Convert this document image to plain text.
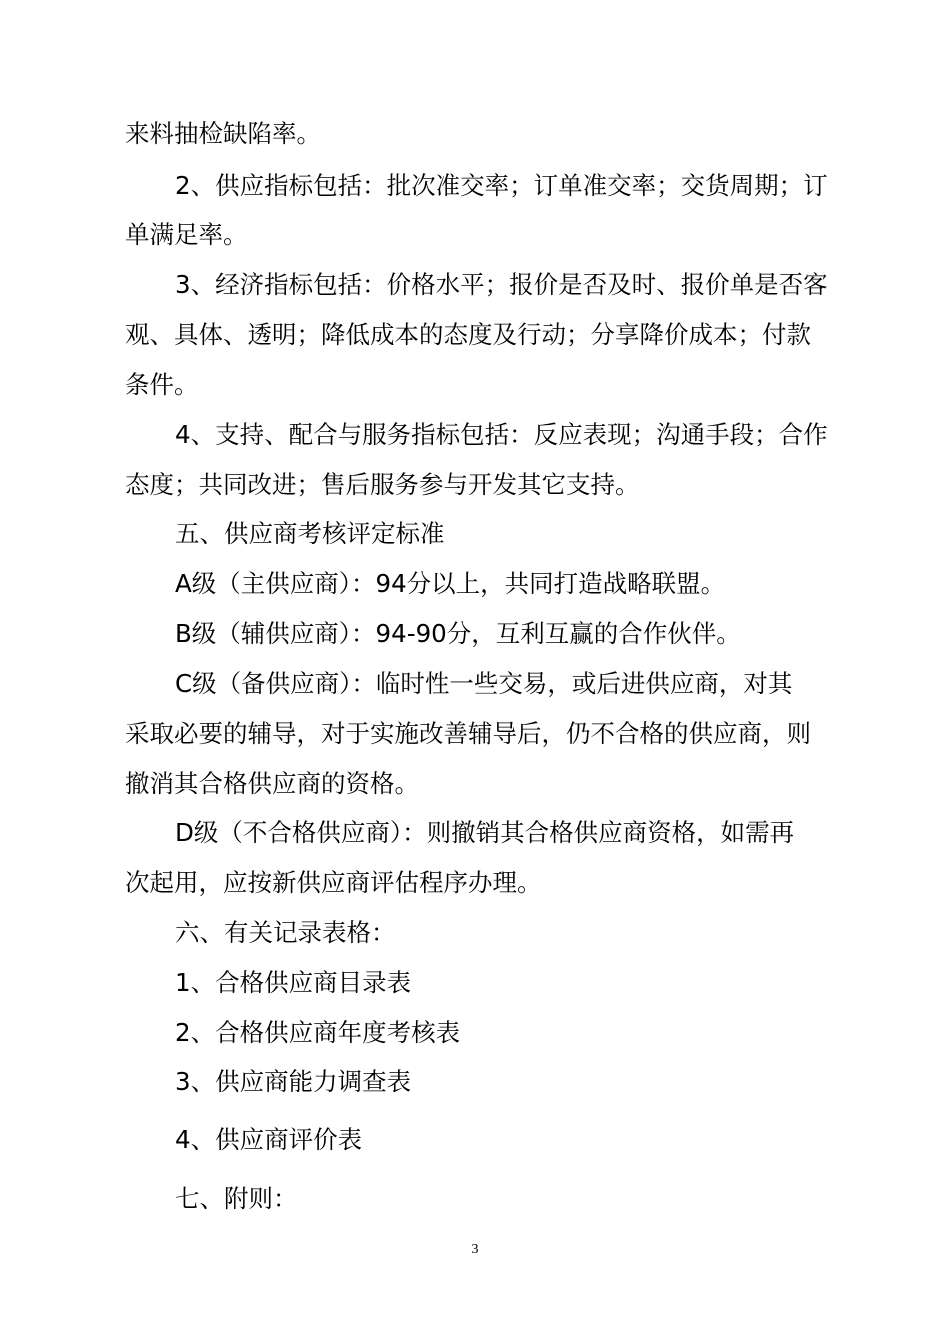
来料抽检缺陷率。
2、供应指标包括：批次准交率；订单准交率；交货周期；订
单满足率。
3、经济指标包括：价格水平；报价是否及时、报价单是否客
观、具体、透明；降低成本的态度及行动；分享降价成本；付款
条件。
4、支持、配合与服务指标包括：反应表现；沟通手段；合作
态度；共同改进；售后服务参与开发其它支持。
五、供应商考核评定标准
A级（主供应商）：94分以上，共同打造战略联盟。
B级（辅供应商）：94-90分，互利互赢的合作伙伴。
C级（备供应商）：临时性一些交易，或后进供应商，对其
采取必要的辅导，对于实施改善辅导后，仍不合格的供应商，则
撤消其合格供应商的资格。
D级（不合格供应商）：则撤销其合格供应商资格，如需再
次起用，应按新供应商评估程序办理。
六、有关记录表格：
1、合格供应商目录表
2、合格供应商年度考核表
3、供应商能力调查表
4、供应商评价表
七、附则：
3
